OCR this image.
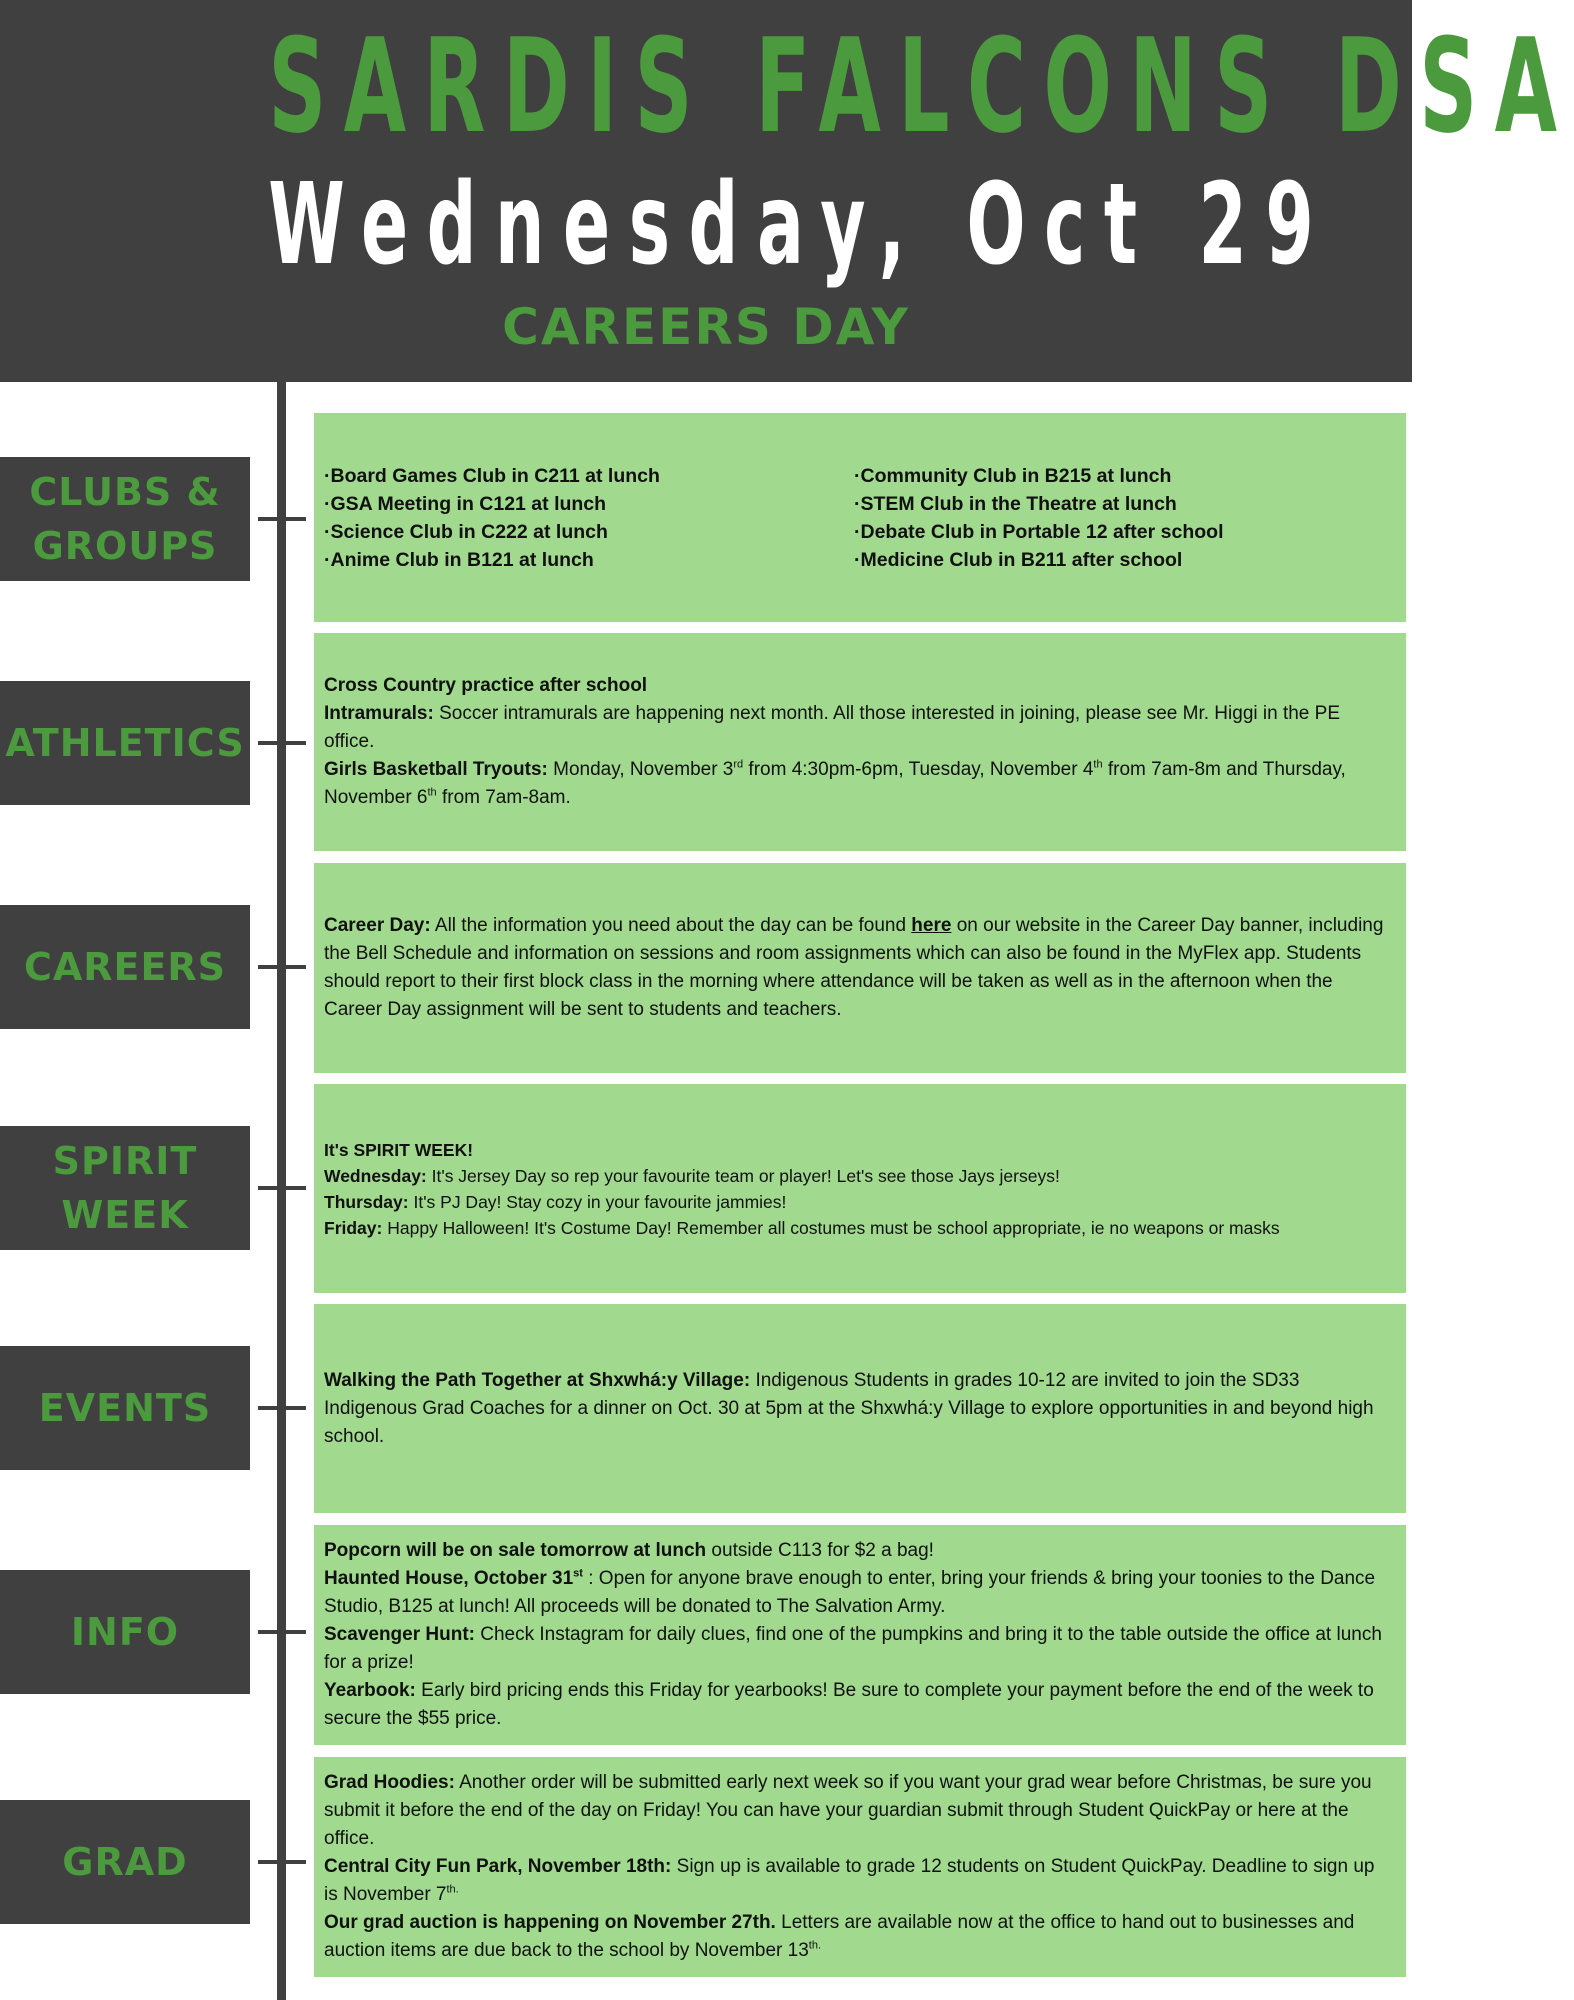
SARDIS FALCONS DSA
Wednesday, Oct 29
CAREERS DAY
CLUBS &
GROUPS
·Board Games Club in C211 at lunch
·GSA Meeting in C121 at lunch
·Science Club in C222 at lunch
·Anime Club in B121 at lunch
·Community Club in B215 at lunch
·STEM Club in the Theatre at lunch
·Debate Club in Portable 12 after school
·Medicine Club in B211 after school
ATHLETICS

Cross Country practice after school

Intramurals: Soccer intramurals are happening next month. All those interested in joining, please see Mr. Higgi in the PE office.

Girls Basketball Tryouts: Monday, November 3rd from 4:30pm-6pm, Tuesday, November 4th from 7am-8m and Thursday, November 6th from 7am-8am.

CAREERS

Career Day: All the information you need about the day can be found here on our website in the Career Day banner, including the Bell Schedule and information on sessions and room assignments which can also be found in the MyFlex app. Students should report to their first block class in the morning where attendance will be taken as well as in the afternoon when the Career Day assignment will be sent to students and teachers.

SPIRIT
WEEK

It's SPIRIT WEEK!

Wednesday: It's Jersey Day so rep your favourite team or player! Let's see those Jays jerseys!

Thursday: It's PJ Day! Stay cozy in your favourite jammies!

Friday: Happy Halloween! It's Costume Day! Remember all costumes must be school appropriate, ie no weapons or masks

EVENTS

Walking the Path Together at Shxwhá:y Village: Indigenous Students in grades 10-12 are invited to join the SD33 Indigenous Grad Coaches for a dinner on Oct. 30 at 5pm at the Shxwhá:y Village to explore opportunities in and beyond high school.

INFO

Popcorn will be on sale tomorrow at lunch outside C113 for $2 a bag!

Haunted House, October 31st : Open for anyone brave enough to enter, bring your friends & bring your toonies to the Dance Studio, B125 at lunch! All proceeds will be donated to The Salvation Army.

Scavenger Hunt: Check Instagram for daily clues, find one of the pumpkins and bring it to the table outside the office at lunch for a prize!

Yearbook: Early bird pricing ends this Friday for yearbooks! Be sure to complete your payment before the end of the week to secure the $55 price.

GRAD

Grad Hoodies: Another order will be submitted early next week so if you want your grad wear before Christmas, be sure you submit it before the end of the day on Friday! You can have your guardian submit through Student QuickPay or here at the office.

Central City Fun Park, November 18th: Sign up is available to grade 12 students on Student QuickPay. Deadline to sign up is November $7^{th.}$

Our grad auction is happening on November 27th. Letters are available now at the office to hand out to businesses and auction items are due back to the school by November $13^{th.}$
